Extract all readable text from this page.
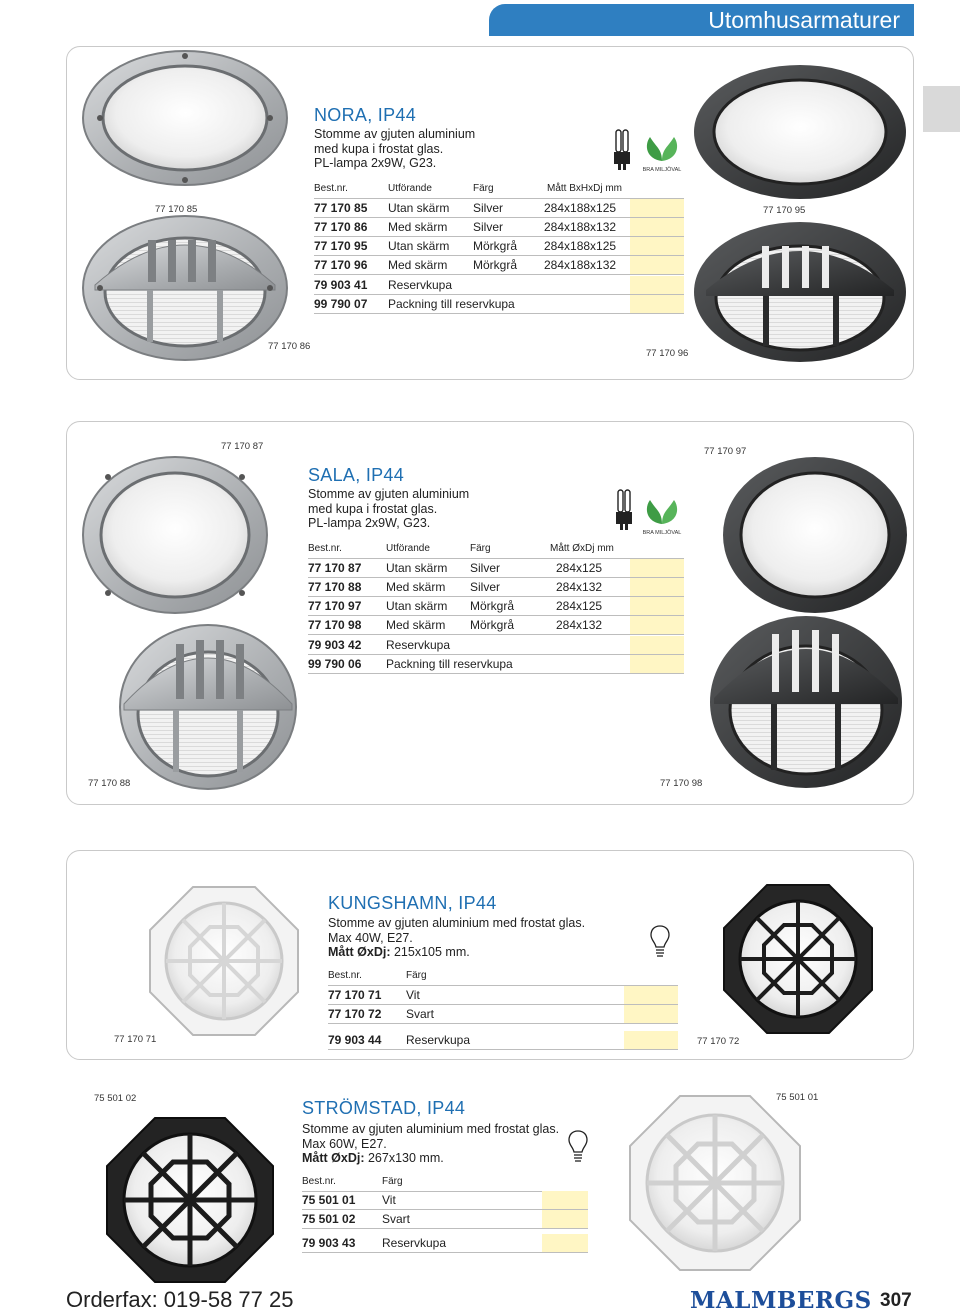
Utomhusarmaturer
77 170 85
77 170 86
77 170 95
77 170 96
NORA, IP44
Stomme av gjuten aluminium
med kupa i frostat glas.
PL-lampa 2x9W, G23.	BRA MILJÖVAL
Best.nr.	Utförande	Färg	Mått BxHxDj mm
77 170 85 Utan skärm Silver	284x188x125
77 170 86 Med skärm Silver	284x188x132
77 170 95 Utan skärm Mörkgrå 284x188x125
77 170 96 Med skärm Mörkgrå 284x188x132
79 903 41 Reservkupa
99 790 07 Packning till reservkupa
77 170 87
77 170 88
77 170 97
77 170 98
SALA, IP44
Stomme av gjuten aluminium
med kupa i frostat glas.
PL-lampa 2x9W, G23.
BRA MILJÖVAL
Best.nr.	Utförande	Färg	Mått ØxDj mm
77 170 87 Utan skärm Silver	284x125
77 170 88 Med skärm Silver	284x132
77 170 97 Utan skärm Mörkgrå	284x125
77 170 98 Med skärm Mörkgrå	284x132
79 903 42 Reservkupa
99 790 06 Packning till reservkupa
77 170 71	77 170 72
KUNGSHAMN, IP44
Stomme av gjuten aluminium med frostat glas.
Max 40W, E27.
Mått ØxDj: 215x105 mm.
Best.nr.	Färg
77 170 71 Vit
77 170 72 Svart
79 903 44 Reservkupa
75 501 02	75 501 01
STRÖMSTAD, IP44
Stomme av gjuten aluminium med frostat glas.
Max 60W, E27.
Mått ØxDj: 267x130 mm.
Best.nr.	Färg
75 501 01 Vit
75 501 02 Svart
79 903 43 Reservkupa
Orderfax: 019-58 77 25	MALMBERGS 307
